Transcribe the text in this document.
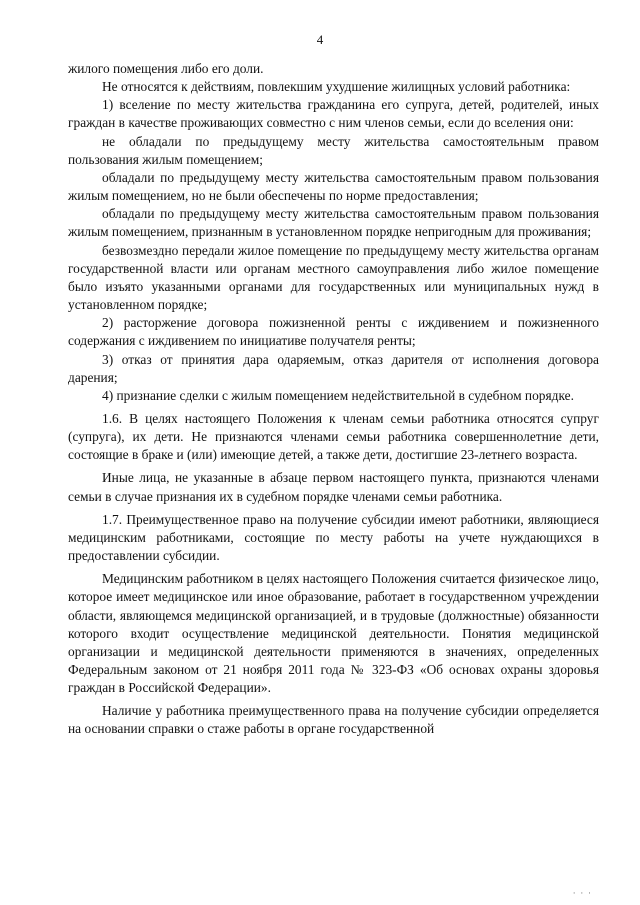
4

жилого помещения либо его доли.

Не относятся к действиям, повлекшим ухудшение жилищных условий работника:

1) вселение по месту жительства гражданина его супруга, детей, родителей, иных граждан в качестве проживающих совместно с ним членов семьи, если до вселения они:

не обладали по предыдущему месту жительства самостоятельным правом пользования жилым помещением;

обладали по предыдущему месту жительства самостоятельным правом пользования жилым помещением, но не были обеспечены по норме предоставления;

обладали по предыдущему месту жительства самостоятельным правом пользования жилым помещением, признанным в установленном порядке непригодным для проживания;

безвозмездно передали жилое помещение по предыдущему месту жительства органам государственной власти или органам местного самоуправления либо жилое помещение было изъято указанными органами для государственных или муниципальных нужд в установленном порядке;

2) расторжение договора пожизненной ренты с иждивением и пожизненного содержания с иждивением по инициативе получателя ренты;

3) отказ от принятия дара одаряемым, отказ дарителя от исполнения договора дарения;

4) признание сделки с жилым помещением недействительной в судебном порядке.

1.6. В целях настоящего Положения к членам семьи работника относятся супруг (супруга), их дети. Не признаются членами семьи работника совершеннолетние дети, состоящие в браке и (или) имеющие детей, а также дети, достигшие 23-летнего возраста.

Иные лица, не указанные в абзаце первом настоящего пункта, признаются членами семьи в случае признания их в судебном порядке членами семьи работника.

1.7. Преимущественное право на получение субсидии имеют работники, являющиеся медицинским работниками, состоящие по месту работы на учете нуждающихся в предоставлении субсидии.

Медицинским работником в целях настоящего Положения считается физическое лицо, которое имеет медицинское или иное образование, работает в государственном учреждении области, являющемся медицинской организацией, и в трудовые (должностные) обязанности которого входит осуществление медицинской деятельности. Понятия медицинской организации и медицинской деятельности применяются в значениях, определенных Федеральным законом от 21 ноября 2011 года № 323-ФЗ «Об основах охраны здоровья граждан в Российской Федерации».

Наличие у работника преимущественного права на получение субсидии определяется на основании справки о стаже работы в органе государственной

· · ·
